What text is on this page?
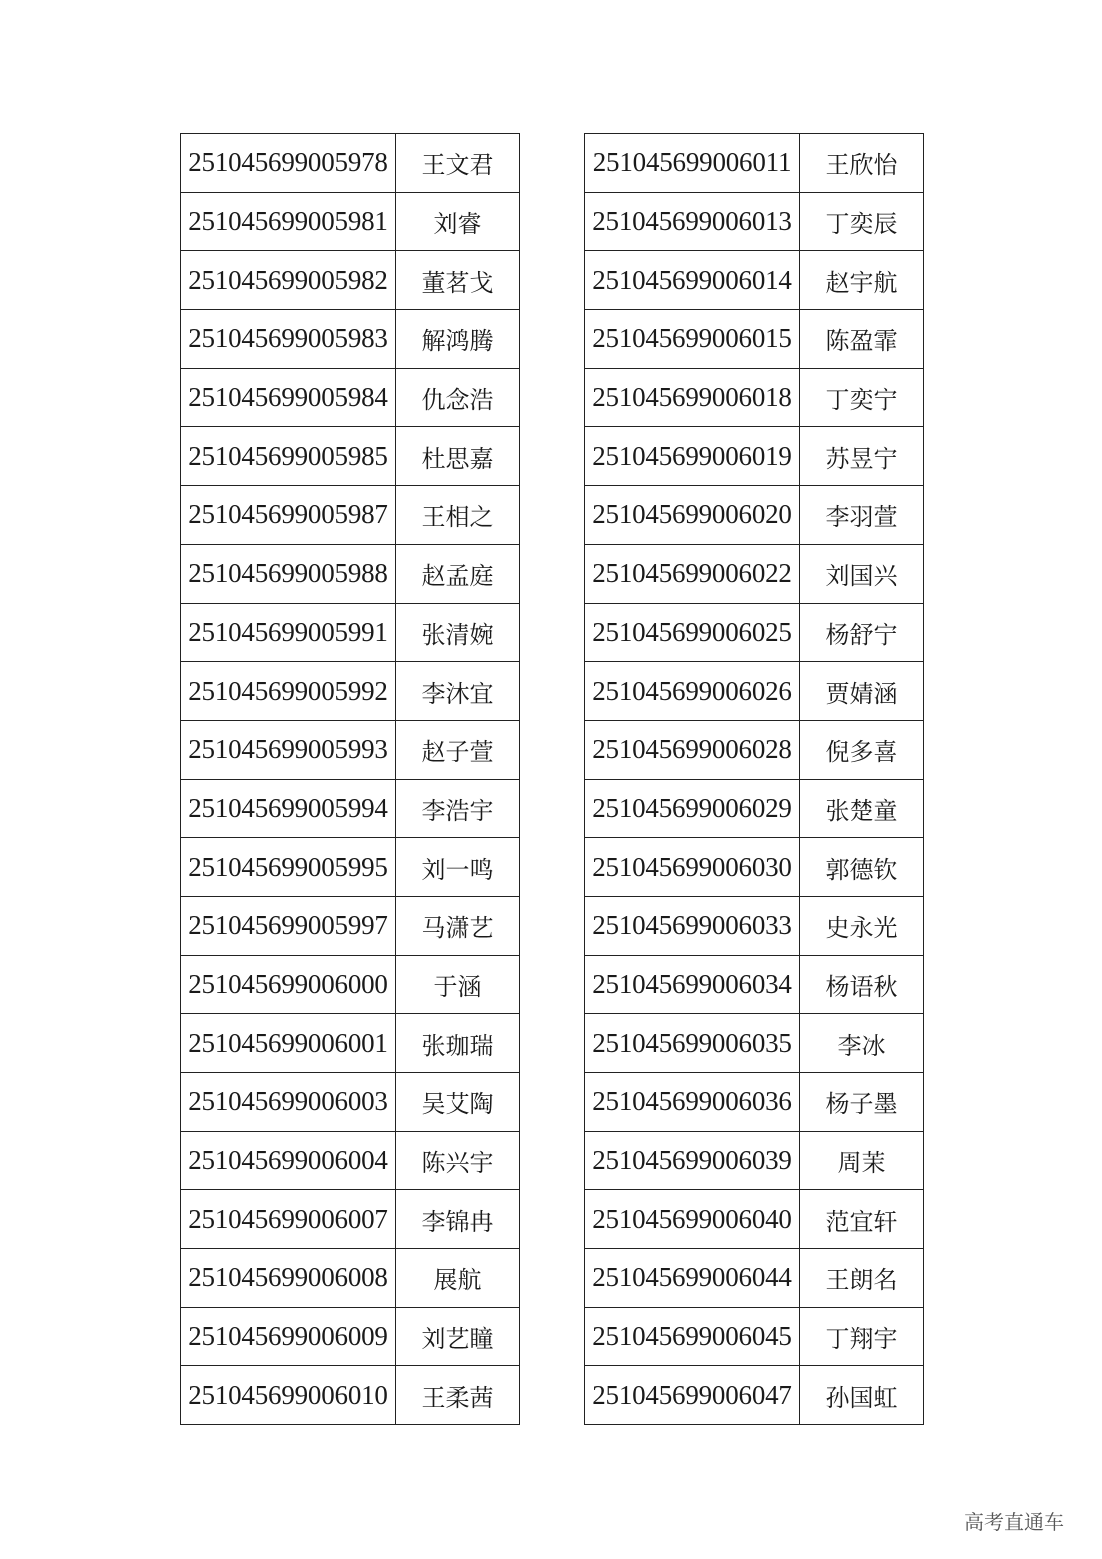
251045699005978	王文君
251045699005981	刘睿
251045699005982	董茗戈
251045699005983	解鸿腾
251045699005984	仇念浩
251045699005985	杜思嘉
251045699005987	王相之
251045699005988	赵孟庭
251045699005991	张清婉
251045699005992	李沐宜
251045699005993	赵子萱
251045699005994	李浩宇
251045699005995	刘一鸣
251045699005997	马潇艺
251045699006000	于涵
251045699006001	张珈瑞
251045699006003	吴艾陶
251045699006004	陈兴宇
251045699006007	李锦冉
251045699006008	展航
251045699006009	刘艺瞳
251045699006010	王柔茜
251045699006011	王欣怡
251045699006013	丁奕辰
251045699006014	赵宇航
251045699006015	陈盈霏
251045699006018	丁奕宁
251045699006019	苏昱宁
251045699006020	李羽萱
251045699006022	刘国兴
251045699006025	杨舒宁
251045699006026	贾婧涵
251045699006028	倪多喜
251045699006029	张楚童
251045699006030	郭德钦
251045699006033	史永光
251045699006034	杨语秋
251045699006035	李冰
251045699006036	杨子墨
251045699006039	周茉
251045699006040	范宜轩
251045699006044	王朗名
251045699006045	丁翔宇
251045699006047	孙国虹
高考直通车
